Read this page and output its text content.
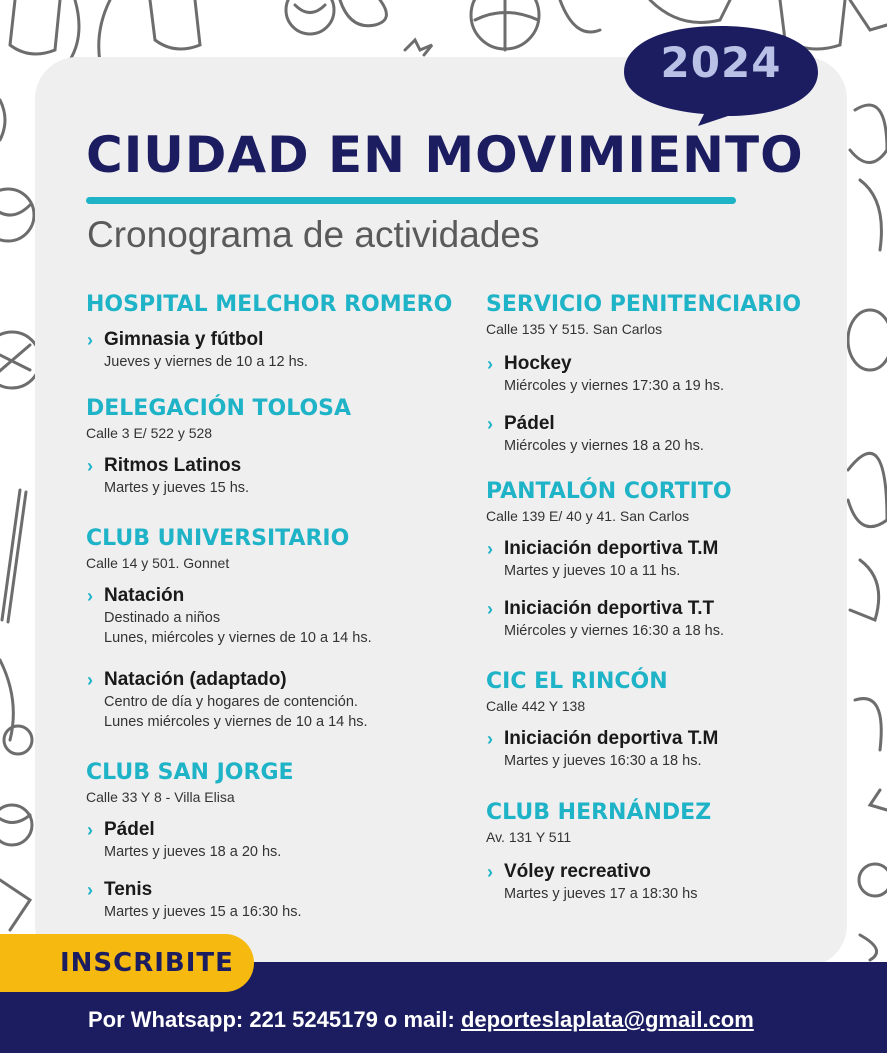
2024
CIUDAD EN MOVIMIENTO
Cronograma de actividades
HOSPITAL MELCHOR ROMERO
› Gimnasia y fútbol
Jueves y viernes de 10 a 12 hs.
DELEGACIÓN TOLOSA
Calle 3 E/ 522 y 528
› Ritmos Latinos
Martes y jueves 15 hs.
CLUB UNIVERSITARIO
Calle 14 y 501. Gonnet
› Natación
Destinado a niños
Lunes, miércoles y viernes de 10 a 14 hs.
› Natación (adaptado)
Centro de día y hogares de contención.
Lunes miércoles y viernes de 10 a 14 hs.
CLUB SAN JORGE
Calle 33 Y 8 - Villa Elisa
› Pádel
Martes y jueves 18 a 20 hs.
› Tenis
Martes y jueves 15 a 16:30 hs.
SERVICIO PENITENCIARIO
Calle 135 Y 515. San Carlos
› Hockey
Miércoles y viernes 17:30 a 19 hs.
› Pádel
Miércoles y viernes 18 a 20 hs.
PANTALÓN CORTITO
Calle 139 E/ 40 y 41. San Carlos
› Iniciación deportiva T.M
Martes y jueves 10 a 11 hs.
› Iniciación deportiva T.T
Miércoles y viernes 16:30 a 18 hs.
CIC EL RINCÓN
Calle 442 Y 138
› Iniciación deportiva T.M
Martes y jueves 16:30 a 18 hs.
CLUB HERNÁNDEZ
Av. 131 Y 511
› Vóley recreativo
Martes y jueves 17 a 18:30 hs
INSCRIBITE
Por Whatsapp: 221 5245179 o mail: deporteslaplata@gmail.com
